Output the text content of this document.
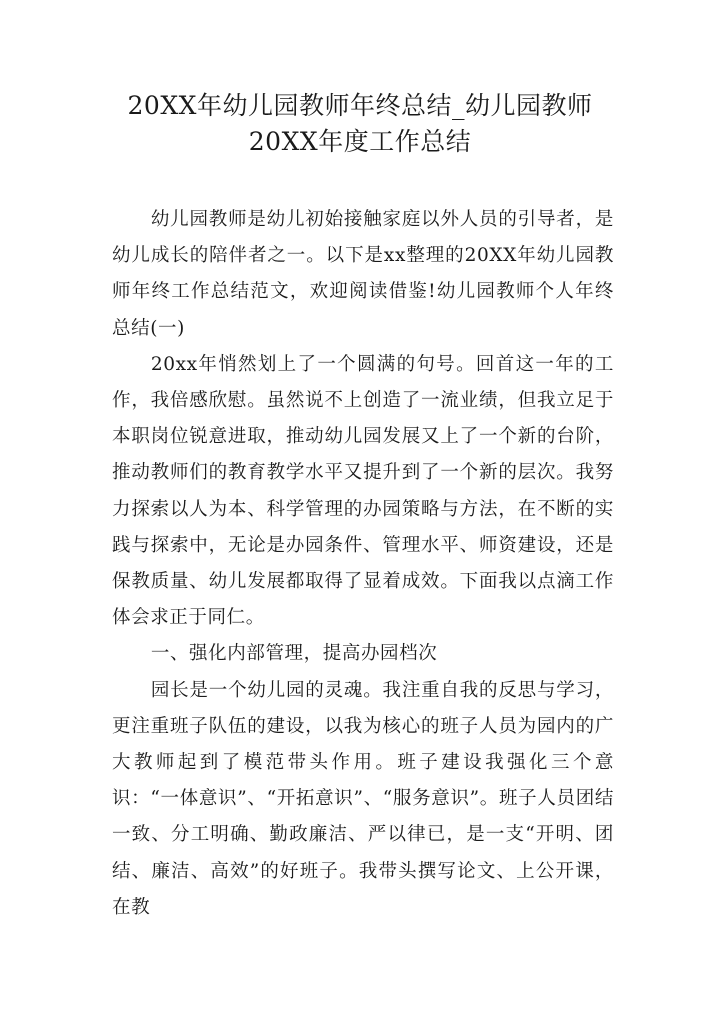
20XX年幼儿园教师年终总结_幼儿园教师
20XX年度工作总结

幼儿园教师是幼儿初始接触家庭以外人员的引导者，是幼儿成长的陪伴者之一。以下是xx整理的20XX年幼儿园教师年终工作总结范文，欢迎阅读借鉴!幼儿园教师个人年终总结(一)

20xx年悄然划上了一个圆满的句号。回首这一年的工作，我倍感欣慰。虽然说不上创造了一流业绩，但我立足于本职岗位锐意进取，推动幼儿园发展又上了一个新的台阶，推动教师们的教育教学水平又提升到了一个新的层次。我努力探索以人为本、科学管理的办园策略与方法，在不断的实践与探索中，无论是办园条件、管理水平、师资建设，还是保教质量、幼儿发展都取得了显着成效。下面我以点滴工作体会求正于同仁。

一、强化内部管理，提高办园档次

园长是一个幼儿园的灵魂。我注重自我的反思与学习，更注重班子队伍的建设，以我为核心的班子人员为园内的广大教师起到了模范带头作用。班子建设我强化三个意识：“一体意识”、“开拓意识”、“服务意识”。班子人员团结一致、分工明确、勤政廉洁、严以律已，是一支“开明、团结、廉洁、高效”的好班子。我带头撰写论文、上公开课，在教
